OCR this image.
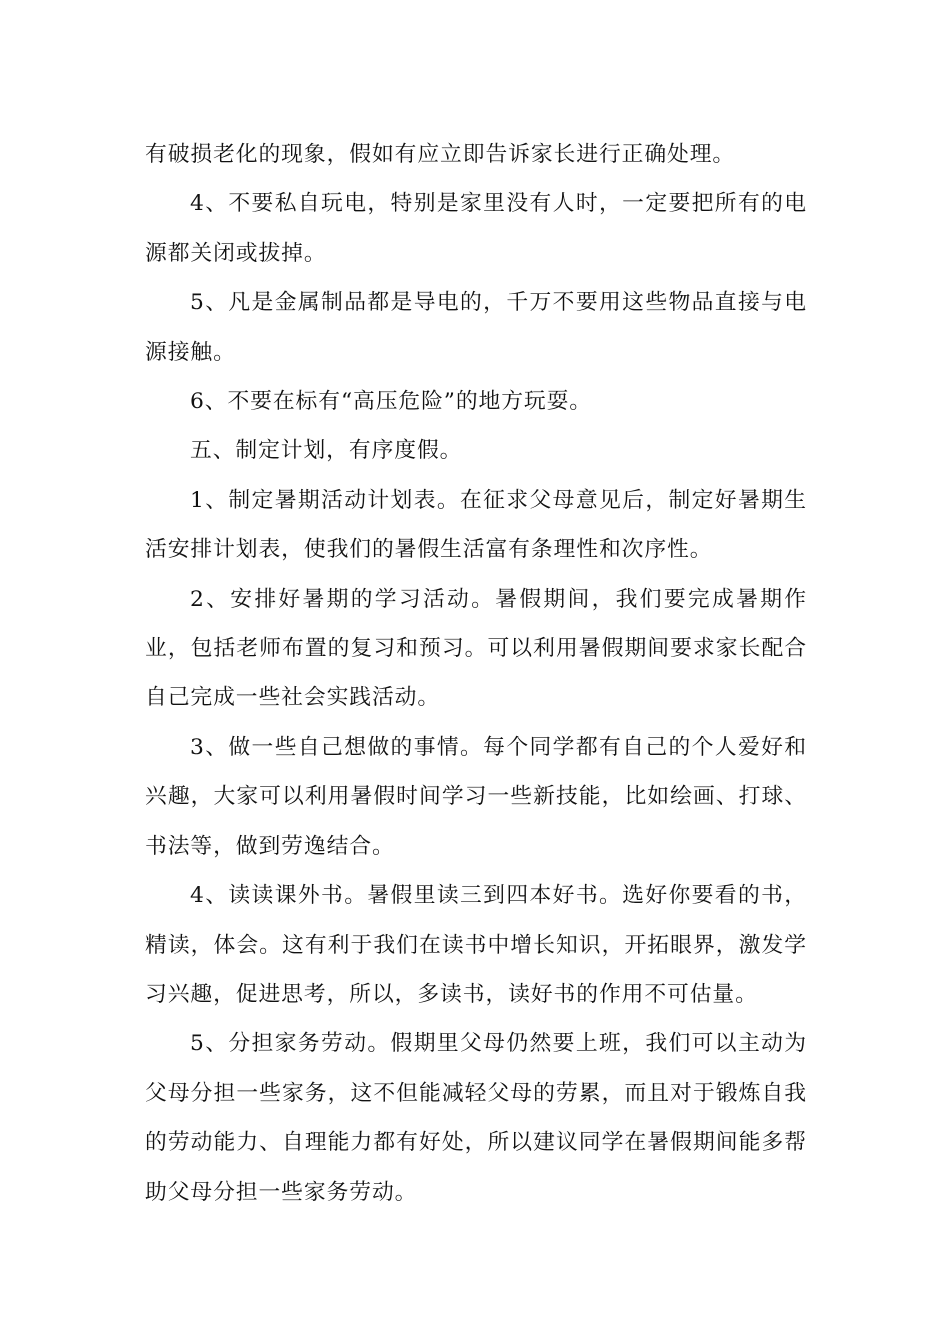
有破损老化的现象，假如有应立即告诉家长进行正确处理。

4、不要私自玩电，特别是家里没有人时，一定要把所有的电源都关闭或拔掉。

5、凡是金属制品都是导电的，千万不要用这些物品直接与电源接触。

6、不要在标有“高压危险”的地方玩耍。

五、制定计划，有序度假。

1、制定暑期活动计划表。在征求父母意见后，制定好暑期生活安排计划表，使我们的暑假生活富有条理性和次序性。

2、安排好暑期的学习活动。暑假期间，我们要完成暑期作业，包括老师布置的复习和预习。可以利用暑假期间要求家长配合自己完成一些社会实践活动。

3、做一些自己想做的事情。每个同学都有自己的个人爱好和兴趣，大家可以利用暑假时间学习一些新技能，比如绘画、打球、书法等，做到劳逸结合。

4、读读课外书。暑假里读三到四本好书。选好你要看的书，精读，体会。这有利于我们在读书中增长知识，开拓眼界，激发学习兴趣，促进思考，所以，多读书，读好书的作用不可估量。

5、分担家务劳动。假期里父母仍然要上班，我们可以主动为父母分担一些家务，这不但能减轻父母的劳累，而且对于锻炼自我的劳动能力、自理能力都有好处，所以建议同学在暑假期间能多帮助父母分担一些家务劳动。
